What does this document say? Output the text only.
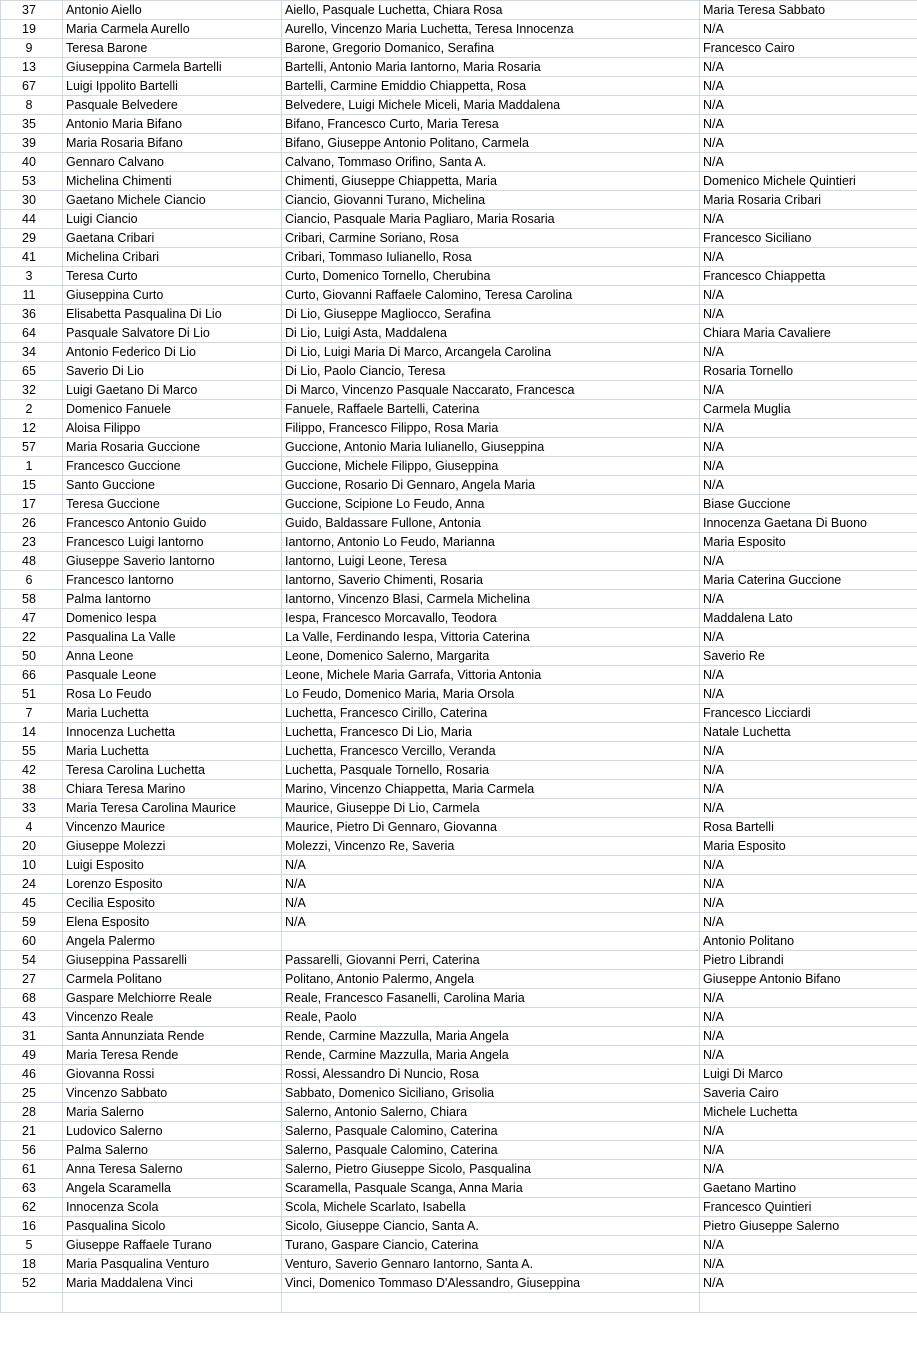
37	Antonio Aiello	Aiello, Pasquale Luchetta, Chiara Rosa	Maria Teresa Sabbato
19	Maria Carmela Aurello	Aurello, Vincenzo Maria Luchetta, Teresa Innocenza	N/A
9	Teresa Barone	Barone, Gregorio Domanico, Serafina	Francesco Cairo
13	Giuseppina Carmela Bartelli	Bartelli, Antonio Maria Iantorno, Maria Rosaria	N/A
67	Luigi Ippolito Bartelli	Bartelli, Carmine Emiddio Chiappetta, Rosa	N/A
8	Pasquale Belvedere	Belvedere, Luigi Michele Miceli, Maria Maddalena	N/A
35	Antonio Maria Bifano	Bifano, Francesco Curto, Maria Teresa	N/A
39	Maria Rosaria Bifano	Bifano, Giuseppe Antonio Politano, Carmela	N/A
40	Gennaro Calvano	Calvano, Tommaso Orifino, Santa A.	N/A
53	Michelina Chimenti	Chimenti, Giuseppe Chiappetta, Maria	Domenico Michele Quintieri
30	Gaetano Michele Ciancio	Ciancio, Giovanni Turano, Michelina	Maria Rosaria Cribari
44	Luigi Ciancio	Ciancio, Pasquale Maria Pagliaro, Maria Rosaria	N/A
29	Gaetana Cribari	Cribari, Carmine Soriano, Rosa	Francesco Siciliano
41	Michelina Cribari	Cribari, Tommaso Iulianello, Rosa	N/A
3	Teresa Curto	Curto, Domenico Tornello, Cherubina	Francesco Chiappetta
11	Giuseppina Curto	Curto, Giovanni Raffaele Calomino, Teresa Carolina	N/A
36	Elisabetta Pasqualina Di Lio	Di Lio, Giuseppe Magliocco, Serafina	N/A
64	Pasquale Salvatore Di Lio	Di Lio, Luigi Asta, Maddalena	Chiara Maria Cavaliere
34	Antonio Federico Di Lio	Di Lio, Luigi Maria Di Marco, Arcangela Carolina	N/A
65	Saverio Di Lio	Di Lio, Paolo Ciancio, Teresa	Rosaria Tornello
32	Luigi Gaetano Di Marco	Di Marco, Vincenzo Pasquale Naccarato, Francesca	N/A
2	Domenico Fanuele	Fanuele, Raffaele Bartelli, Caterina	Carmela Muglia
12	Aloisa Filippo	Filippo, Francesco Filippo, Rosa Maria	N/A
57	Maria Rosaria Guccione	Guccione, Antonio Maria Iulianello, Giuseppina	N/A
1	Francesco Guccione	Guccione, Michele Filippo, Giuseppina	N/A
15	Santo Guccione	Guccione, Rosario Di Gennaro, Angela Maria	N/A
17	Teresa Guccione	Guccione, Scipione Lo Feudo, Anna	Biase Guccione
26	Francesco Antonio Guido	Guido, Baldassare Fullone, Antonia	Innocenza Gaetana Di Buono
23	Francesco Luigi Iantorno	Iantorno, Antonio Lo Feudo, Marianna	Maria Esposito
48	Giuseppe Saverio Iantorno	Iantorno, Luigi Leone, Teresa	N/A
6	Francesco Iantorno	Iantorno, Saverio Chimenti, Rosaria	Maria Caterina Guccione
58	Palma Iantorno	Iantorno, Vincenzo Blasi, Carmela Michelina	N/A
47	Domenico Iespa	Iespa, Francesco Morcavallo, Teodora	Maddalena Lato
22	Pasqualina La Valle	La Valle, Ferdinando Iespa, Vittoria Caterina	N/A
50	Anna Leone	Leone, Domenico Salerno, Margarita	Saverio Re
66	Pasquale Leone	Leone, Michele Maria Garrafa, Vittoria Antonia	N/A
51	Rosa Lo Feudo	Lo Feudo, Domenico Maria, Maria Orsola	N/A
7	Maria Luchetta	Luchetta, Francesco Cirillo, Caterina	Francesco Licciardi
14	Innocenza Luchetta	Luchetta, Francesco Di Lio, Maria	Natale Luchetta
55	Maria Luchetta	Luchetta, Francesco Vercillo, Veranda	N/A
42	Teresa Carolina Luchetta	Luchetta, Pasquale Tornello, Rosaria	N/A
38	Chiara Teresa Marino	Marino, Vincenzo Chiappetta, Maria Carmela	N/A
33	Maria Teresa Carolina Maurice	Maurice, Giuseppe Di Lio, Carmela	N/A
4	Vincenzo Maurice	Maurice, Pietro Di Gennaro, Giovanna	Rosa Bartelli
20	Giuseppe Molezzi	Molezzi, Vincenzo Re, Saveria	Maria Esposito
10	Luigi Esposito	N/A	N/A
24	Lorenzo Esposito	N/A	N/A
45	Cecilia Esposito	N/A	N/A
59	Elena Esposito	N/A	N/A
60	Angela Palermo		Antonio Politano
54	Giuseppina Passarelli	Passarelli, Giovanni Perri, Caterina	Pietro Librandi
27	Carmela Politano	Politano, Antonio Palermo, Angela	Giuseppe Antonio Bifano
68	Gaspare Melchiorre Reale	Reale, Francesco Fasanelli, Carolina Maria	N/A
43	Vincenzo Reale	Reale, Paolo	N/A
31	Santa Annunziata Rende	Rende, Carmine Mazzulla, Maria Angela	N/A
49	Maria Teresa Rende	Rende, Carmine Mazzulla, Maria Angela	N/A
46	Giovanna Rossi	Rossi, Alessandro Di Nuncio, Rosa	Luigi Di Marco
25	Vincenzo Sabbato	Sabbato, Domenico Siciliano, Grisolia	Saveria Cairo
28	Maria Salerno	Salerno, Antonio Salerno, Chiara	Michele Luchetta
21	Ludovico Salerno	Salerno, Pasquale Calomino, Caterina	N/A
56	Palma Salerno	Salerno, Pasquale Calomino, Caterina	N/A
61	Anna Teresa Salerno	Salerno, Pietro Giuseppe Sicolo, Pasqualina	N/A
63	Angela Scaramella	Scaramella, Pasquale Scanga, Anna Maria	Gaetano Martino
62	Innocenza Scola	Scola, Michele Scarlato, Isabella	Francesco Quintieri
16	Pasqualina Sicolo	Sicolo, Giuseppe Ciancio, Santa A.	Pietro Giuseppe Salerno
5	Giuseppe Raffaele Turano	Turano, Gaspare Ciancio, Caterina	N/A
18	Maria Pasqualina Venturo	Venturo, Saverio Gennaro Iantorno, Santa A.	N/A
52	Maria Maddalena Vinci	Vinci, Domenico Tommaso D'Alessandro, Giuseppina	N/A
